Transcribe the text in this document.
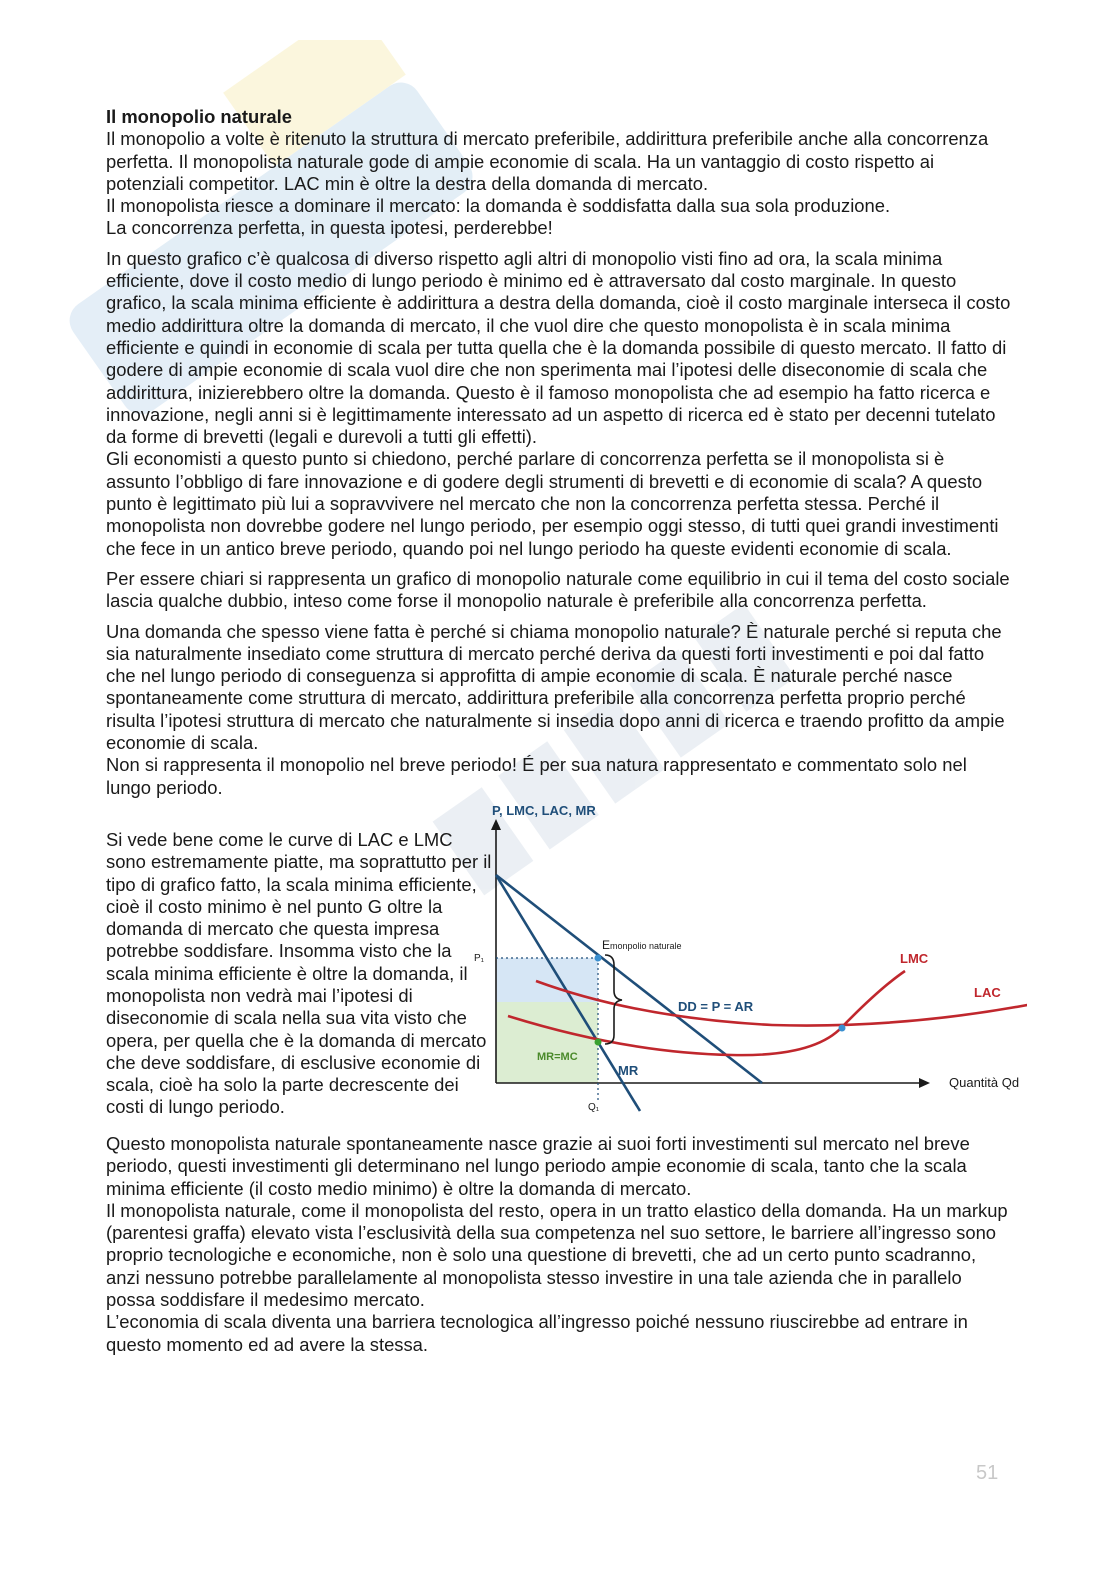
Il monopolio naturale

Il monopolio a volte è ritenuto la struttura di mercato preferibile, addirittura preferibile anche alla concorrenza perfetta. Il monopolista naturale gode di ampie economie di scala. Ha un vantaggio di costo rispetto ai potenziali competitor. LAC min è oltre la destra della domanda di mercato.

Il monopolista riesce a dominare il mercato: la domanda è soddisfatta dalla sua sola produzione.

La concorrenza perfetta, in questa ipotesi, perderebbe!

In questo grafico c’è qualcosa di diverso rispetto agli altri di monopolio visti fino ad ora, la scala minima efficiente, dove il costo medio di lungo periodo è minimo ed è attraversato dal costo marginale. In questo grafico, la scala minima efficiente è addirittura a destra della domanda, cioè il costo marginale interseca il costo medio addirittura oltre la domanda di mercato, il che vuol dire che questo monopolista è in scala minima efficiente e quindi in economie di scala per tutta quella che è la domanda possibile di questo mercato. Il fatto di godere di ampie economie di scala vuol dire che non sperimenta mai l’ipotesi delle diseconomie di scala che addirittura, inizierebbero oltre la domanda. Questo è il famoso monopolista che ad esempio ha fatto ricerca e innovazione, negli anni si è legittimamente interessato ad un aspetto di ricerca ed è stato per decenni tutelato da forme di brevetti (legali e durevoli a tutti gli effetti).

Gli economisti a questo punto si chiedono, perché parlare di concorrenza perfetta se il monopolista si è assunto l’obbligo di fare innovazione e di godere degli strumenti di brevetti e di economie di scala? A questo punto è legittimato più lui a sopravvivere nel mercato che non la concorrenza perfetta stessa. Perché il monopolista non dovrebbe godere nel lungo periodo, per esempio oggi stesso, di tutti quei grandi investimenti che fece in un antico breve periodo, quando poi nel lungo periodo ha queste evidenti economie di scala.

Per essere chiari si rappresenta un grafico di monopolio naturale come equilibrio in cui il tema del costo sociale lascia qualche dubbio, inteso come forse il monopolio naturale è preferibile alla concorrenza perfetta.

Una domanda che spesso viene fatta è perché si chiama monopolio naturale? È naturale perché si reputa che sia naturalmente insediato come struttura di mercato perché deriva da questi forti investimenti e poi dal fatto che nel lungo periodo di conseguenza si approfitta di ampie economie di scala. È naturale perché nasce spontaneamente come struttura di mercato, addirittura preferibile alla concorrenza perfetta proprio perché risulta l’ipotesi struttura di mercato che naturalmente si insedia dopo anni di ricerca e traendo profitto da ampie economie di scala.

Non si rappresenta il monopolio nel breve periodo! É per sua natura rappresentato e commentato solo nel lungo periodo.

Si vede bene come le curve di LAC e LMC sono estremamente piatte, ma soprattutto per il tipo di grafico fatto, la scala minima efficiente, cioè il costo minimo è nel punto G oltre la domanda di mercato che questa impresa potrebbe soddisfare. Insomma visto che la scala minima efficiente è oltre la domanda, il monopolista non vedrà mai l’ipotesi di diseconomie di scala nella sua vita visto che opera, per quella che è la domanda di mercato che deve soddisfare, di esclusive economie di scala, cioè ha solo la parte decrescente dei costi di lungo periodo.
P, LMC, LAC, MR
Quantità Qd
P₁
Q₁
Emonpolio naturale
LMC
LAC
DD = P = AR
MR
MR=MC

Questo monopolista naturale spontaneamente nasce grazie ai suoi forti investimenti sul mercato nel breve periodo, questi investimenti gli determinano nel lungo periodo ampie economie di scala, tanto che la scala minima efficiente (il costo medio minimo) è oltre la domanda di mercato.

Il monopolista naturale, come il monopolista del resto, opera in un tratto elastico della domanda. Ha un markup (parentesi graffa) elevato vista l’esclusività della sua competenza nel suo settore, le barriere all’ingresso sono proprio tecnologiche e economiche, non è solo una questione di brevetti, che ad un certo punto scadranno, anzi nessuno potrebbe parallelamente al monopolista stesso investire in una tale azienda che in parallelo possa soddisfare il medesimo mercato.

L’economia di scala diventa una barriera tecnologica all’ingresso poiché nessuno riuscirebbe ad entrare in questo momento ed ad avere la stessa.

51
